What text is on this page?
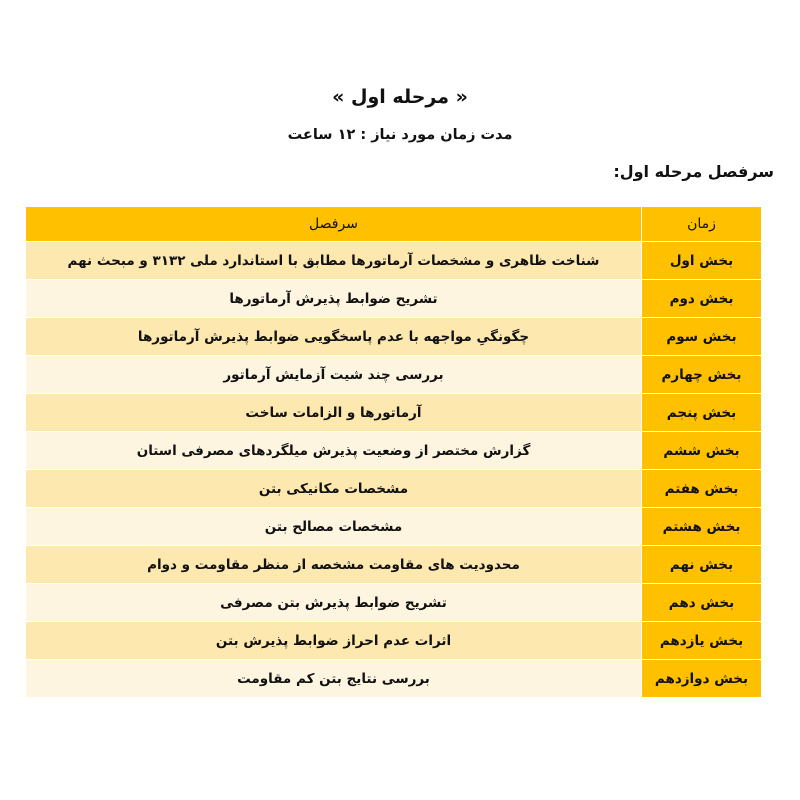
« مرحله اول »
مدت زمان مورد نیاز : ۱۲ ساعت
سرفصل مرحله اول:
زمان	سرفصل
بخش اول	شناخت ظاهری و مشخصات آرماتورها مطابق با استاندارد ملی ۳۱۳۲ و مبحث نهم
بخش دوم	تشریح ضوابط پذیرش آرماتورها
بخش سوم	چگونگیِ مواجهه با عدم پاسخگویی ضوابط پذیرش آرماتورها
بخش چهارم	بررسی چند شیت آزمایش آرماتور
بخش پنجم	آرماتورها و الزامات ساخت
بخش ششم	گزارش مختصر از وضعیت پذیرش میلگردهای مصرفی استان
بخش هفتم	مشخصات مکانیکی بتن
بخش هشتم	مشخصات مصالح بتن
بخش نهم	محدودیت های مقاومت مشخصه از منظر مقاومت و دوام
بخش دهم	تشریح ضوابط پذیرش بتن مصرفی
بخش یازدهم	اثرات عدم احراز ضوابط پذیرش بتن
بخش دوازدهم	بررسی نتایج بتن کم مقاومت
